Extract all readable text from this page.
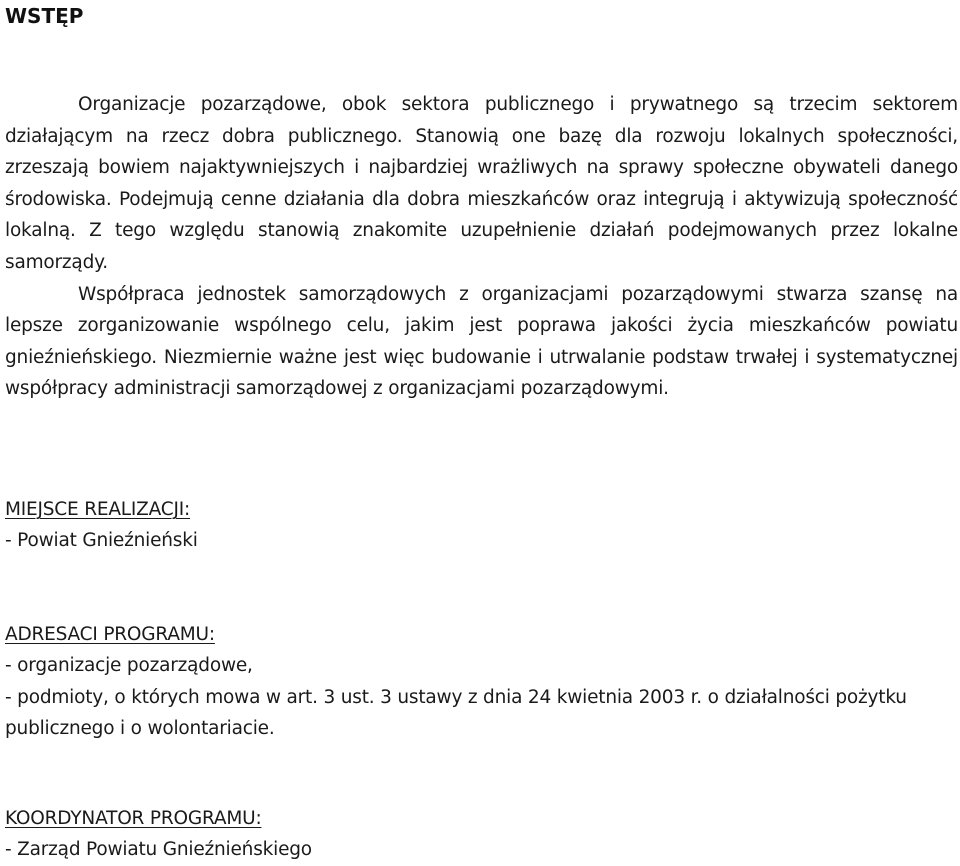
WSTĘP

Organizacje pozarządowe, obok sektora publicznego i prywatnego są trzecim sektorem działającym na rzecz dobra publicznego. Stanowią one bazę dla rozwoju lokalnych społeczności, zrzeszają bowiem najaktywniejszych i najbardziej wrażliwych na sprawy społeczne obywateli danego środowiska. Podejmują cenne działania dla dobra mieszkańców oraz integrują i aktywizują społeczność lokalną. Z tego względu stanowią znakomite uzupełnienie działań podejmowanych przez lokalne samorządy.

Współpraca jednostek samorządowych z organizacjami pozarządowymi stwarza szansę na lepsze zorganizowanie wspólnego celu, jakim jest poprawa jakości życia mieszkańców powiatu gnieźnieńskiego. Niezmiernie ważne jest więc budowanie i utrwalanie podstaw trwałej i systematycznej współpracy administracji samorządowej z organizacjami pozarządowymi.

MIEJSCE REALIZACJI:

- Powiat Gnieźnieński

ADRESACI PROGRAMU:

- organizacje pozarządowe,

- podmioty, o których mowa w art. 3 ust. 3 ustawy z dnia 24 kwietnia 2003 r. o działalności pożytku publicznego i o wolontariacie.

KOORDYNATOR PROGRAMU:

- Zarząd Powiatu Gnieźnieńskiego
